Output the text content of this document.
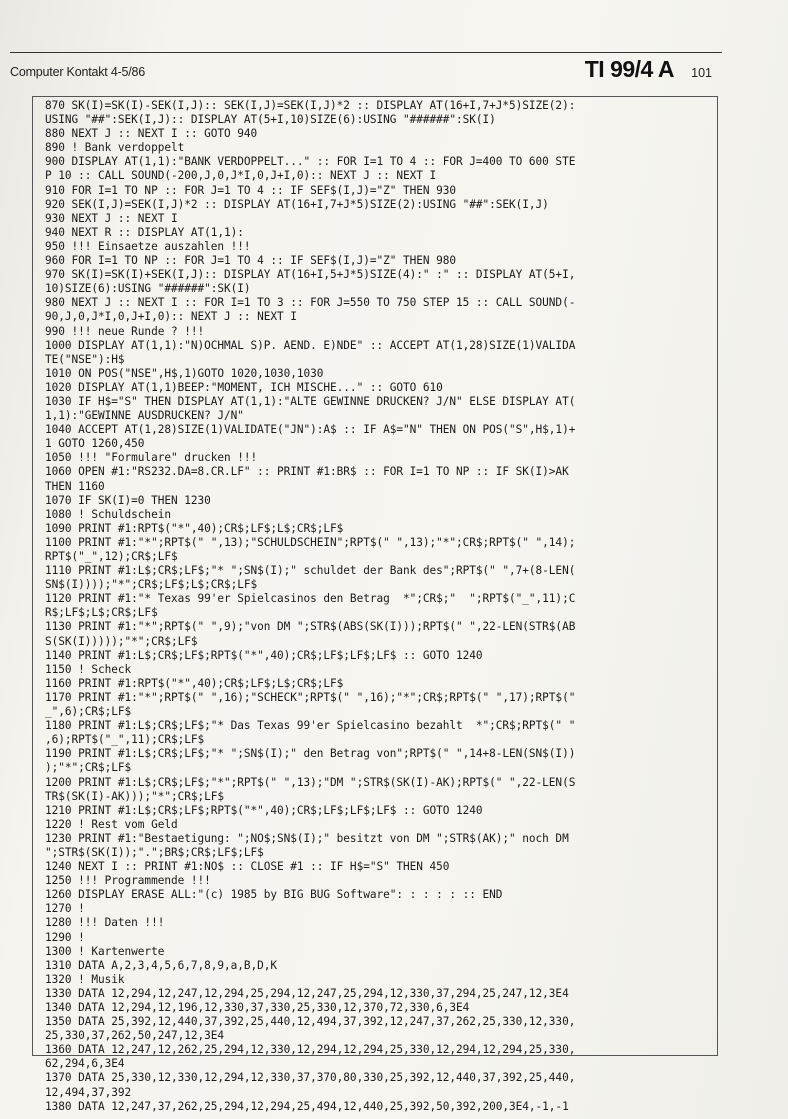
Computer Kontakt 4-5/86	TI 99/4 A 101
870 SK(I)=SK(I)-SEK(I,J):: SEK(I,J)=SEK(I,J)*2 :: DISPLAY AT(16+I,7+J*5)SIZE(2):
USING "##":SEK(I,J):: DISPLAY AT(5+I,10)SIZE(6):USING "######":SK(I)
880 NEXT J :: NEXT I :: GOTO 940
890 ! Bank verdoppelt
900 DISPLAY AT(1,1):"BANK VERDOPPELT..." :: FOR I=1 TO 4 :: FOR J=400 TO 600 STE
P 10 :: CALL SOUND(-200,J,0,J*I,0,J+I,0):: NEXT J :: NEXT I
910 FOR I=1 TO NP :: FOR J=1 TO 4 :: IF SEF$(I,J)="Z" THEN 930
920 SEK(I,J)=SEK(I,J)*2 :: DISPLAY AT(16+I,7+J*5)SIZE(2):USING "##":SEK(I,J)
930 NEXT J :: NEXT I
940 NEXT R :: DISPLAY AT(1,1):
950 !!! Einsaetze auszahlen !!!
960 FOR I=1 TO NP :: FOR J=1 TO 4 :: IF SEF$(I,J)="Z" THEN 980
970 SK(I)=SK(I)+SEK(I,J):: DISPLAY AT(16+I,5+J*5)SIZE(4):" :" :: DISPLAY AT(5+I,
10)SIZE(6):USING "######":SK(I)
980 NEXT J :: NEXT I :: FOR I=1 TO 3 :: FOR J=550 TO 750 STEP 15 :: CALL SOUND(-
90,J,0,J*I,0,J+I,0):: NEXT J :: NEXT I
990 !!! neue Runde ? !!!
1000 DISPLAY AT(1,1):"N)OCHMAL S)P. AEND. E)NDE" :: ACCEPT AT(1,28)SIZE(1)VALIDA
TE("NSE"):H$
1010 ON POS("NSE",H$,1)GOTO 1020,1030,1030
1020 DISPLAY AT(1,1)BEEP:"MOMENT, ICH MISCHE..." :: GOTO 610
1030 IF H$="S" THEN DISPLAY AT(1,1):"ALTE GEWINNE DRUCKEN? J/N" ELSE DISPLAY AT(
1,1):"GEWINNE AUSDRUCKEN? J/N"
1040 ACCEPT AT(1,28)SIZE(1)VALIDATE("JN"):A$ :: IF A$="N" THEN ON POS("S",H$,1)+
1 GOTO 1260,450
1050 !!! "Formulare" drucken !!!
1060 OPEN #1:"RS232.DA=8.CR.LF" :: PRINT #1:BR$ :: FOR I=1 TO NP :: IF SK(I)>AK
THEN 1160
1070 IF SK(I)=0 THEN 1230
1080 ! Schuldschein
1090 PRINT #1:RPT$("*",40);CR$;LF$;L$;CR$;LF$
1100 PRINT #1:"*";RPT$(" ",13);"SCHULDSCHEIN";RPT$(" ",13);"*";CR$;RPT$(" ",14);
RPT$("_",12);CR$;LF$
1110 PRINT #1:L$;CR$;LF$;"* ";SN$(I);" schuldet der Bank des";RPT$(" ",7+(8-LEN(
SN$(I))));"*";CR$;LF$;L$;CR$;LF$
1120 PRINT #1:"* Texas 99'er Spielcasinos den Betrag  *";CR$;"  ";RPT$("_",11);C
R$;LF$;L$;CR$;LF$
1130 PRINT #1:"*";RPT$(" ",9);"von DM ";STR$(ABS(SK(I)));RPT$(" ",22-LEN(STR$(AB
S(SK(I)))));"*";CR$;LF$
1140 PRINT #1:L$;CR$;LF$;RPT$("*",40);CR$;LF$;LF$;LF$ :: GOTO 1240
1150 ! Scheck
1160 PRINT #1:RPT$("*",40);CR$;LF$;L$;CR$;LF$
1170 PRINT #1:"*";RPT$(" ",16);"SCHECK";RPT$(" ",16);"*";CR$;RPT$(" ",17);RPT$("
_",6);CR$;LF$
1180 PRINT #1:L$;CR$;LF$;"* Das Texas 99'er Spielcasino bezahlt  *";CR$;RPT$(" "
,6);RPT$("_",11);CR$;LF$
1190 PRINT #1:L$;CR$;LF$;"* ";SN$(I);" den Betrag von";RPT$(" ",14+8-LEN(SN$(I))
);"*";CR$;LF$
1200 PRINT #1:L$;CR$;LF$;"*";RPT$(" ",13);"DM ";STR$(SK(I)-AK);RPT$(" ",22-LEN(S
TR$(SK(I)-AK)));"*";CR$;LF$
1210 PRINT #1:L$;CR$;LF$;RPT$("*",40);CR$;LF$;LF$;LF$ :: GOTO 1240
1220 ! Rest vom Geld
1230 PRINT #1:"Bestaetigung: ";NO$;SN$(I);" besitzt von DM ";STR$(AK);" noch DM
";STR$(SK(I));".";BR$;CR$;LF$;LF$
1240 NEXT I :: PRINT #1:NO$ :: CLOSE #1 :: IF H$="S" THEN 450
1250 !!! Programmende !!!
1260 DISPLAY ERASE ALL:"(c) 1985 by BIG BUG Software": : : : : :: END
1270 !
1280 !!! Daten !!!
1290 !
1300 ! Kartenwerte
1310 DATA A,2,3,4,5,6,7,8,9,a,B,D,K
1320 ! Musik
1330 DATA 12,294,12,247,12,294,25,294,12,247,25,294,12,330,37,294,25,247,12,3E4
1340 DATA 12,294,12,196,12,330,37,330,25,330,12,370,72,330,6,3E4
1350 DATA 25,392,12,440,37,392,25,440,12,494,37,392,12,247,37,262,25,330,12,330,
25,330,37,262,50,247,12,3E4
1360 DATA 12,247,12,262,25,294,12,330,12,294,12,294,25,330,12,294,12,294,25,330,
62,294,6,3E4
1370 DATA 25,330,12,330,12,294,12,330,37,370,80,330,25,392,12,440,37,392,25,440,
12,494,37,392
1380 DATA 12,247,37,262,25,294,12,294,25,494,12,440,25,392,50,392,200,3E4,-1,-1
